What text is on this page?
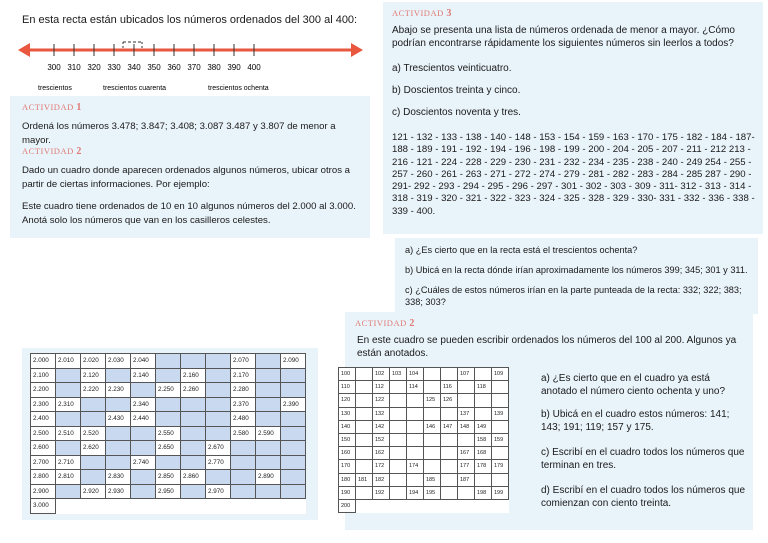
En esta recta están ubicados los números ordenados del 300 al 400:
300 310 320 330 340 350 360 370 380 390 400
trescientos	trescientos cuarenta	trescientos ochenta
ACTIVIDAD 1

Ordená los números 3.478; 3.847; 3.408; 3.087 3.487 y 3.807 de menor a mayor.

ACTIVIDAD 2

Dado un cuadro donde aparecen ordenados algunos números, ubicar otros a partir de ciertas informaciones. Por ejemplo:

Este cuadro tiene ordenados de 10 en 10 algunos números del 2.000 al 3.000. Anotá solo los números que van en los casilleros celestes.

ACTIVIDAD 3

Abajo se presenta una lista de números ordenada de menor a mayor. ¿Cómo podrían encontrarse rápidamente los siguientes números sin leerlos a todos?

a) Trescientos veinticuatro.

b) Doscientos treinta y cinco.

c) Doscientos noventa y tres.

121 - 132 - 133 - 138 - 140 - 148 - 153 - 154 - 159 - 163 - 170 - 175 - 182 - 184 - 187- 188 - 189 - 191 - 192 - 194 - 196 - 198 - 199 - 200 - 204 - 205 - 207 - 211 - 212 213 - 216 - 121 - 224 - 228 - 229 - 230 - 231 - 232 - 234 - 235 - 238 - 240 - 249 254 - 255 - 257 - 260 - 261 - 263 - 271 - 272 - 274 - 279 - 281 - 282 - 283 - 284 - 285 287 - 290 - 291- 292 - 293 - 294 - 295 - 296 - 297 - 301 - 302 - 303 - 309 - 311- 312 - 313 - 314 - 318 - 319 - 320 - 321 - 322 - 323 - 324 - 325 - 328 - 329 - 330- 331 - 332 - 336 - 338 - 339 - 400.

a) ¿Es cierto que en la recta está el trescientos ochenta?

b) Ubicá en la recta dónde irían aproximadamente los números 399; 345; 301 y 311.

c) ¿Cuáles de estos números irían en la parte punteada de la recta: 332; 322; 383; 338; 303?

2.000	2.010	2.020	2.030	2.040				2.070		2.090
2.100		2.120		2.140		2.160		2.170		
2.200		2.220	2.230		2.250	2.260		2.280		
2.300	2.310			2.340				2.370		2.390
2.400			2.430	2.440				2.480		
2.500	2.510	2.520			2.550			2.580	2.590	
2.600		2.620			2.650		2.670			
2.700	2.710			2.740			2.770			
2.800	2.810		2.830		2.850	2.860			2.890	
2.900		2.920	2.930		2.950		2.970			
3.000										
ACTIVIDAD 2

En este cuadro se pueden escribir ordenados los números del 100 al 200. Algunos ya están anotados.

100		102	103	104			107		109
110		112		114		116		118	
120		122			125	126			
130		132					137		139
140		142			146	147	148	149	
150		152						158	159
160		162					167	168	
170		172		174			177	178	179
180	181	182			185		187		
190		192		194	195			198	199
200									

a) ¿Es cierto que en el cuadro ya está anotado el número ciento ochenta y uno?

b) Ubicá en el cuadro estos números: 141; 143; 191; 119; 157 y 175.

c) Escribí en el cuadro todos los números que terminan en tres.

d) Escribí en el cuadro todos los números que comienzan con ciento treinta.
